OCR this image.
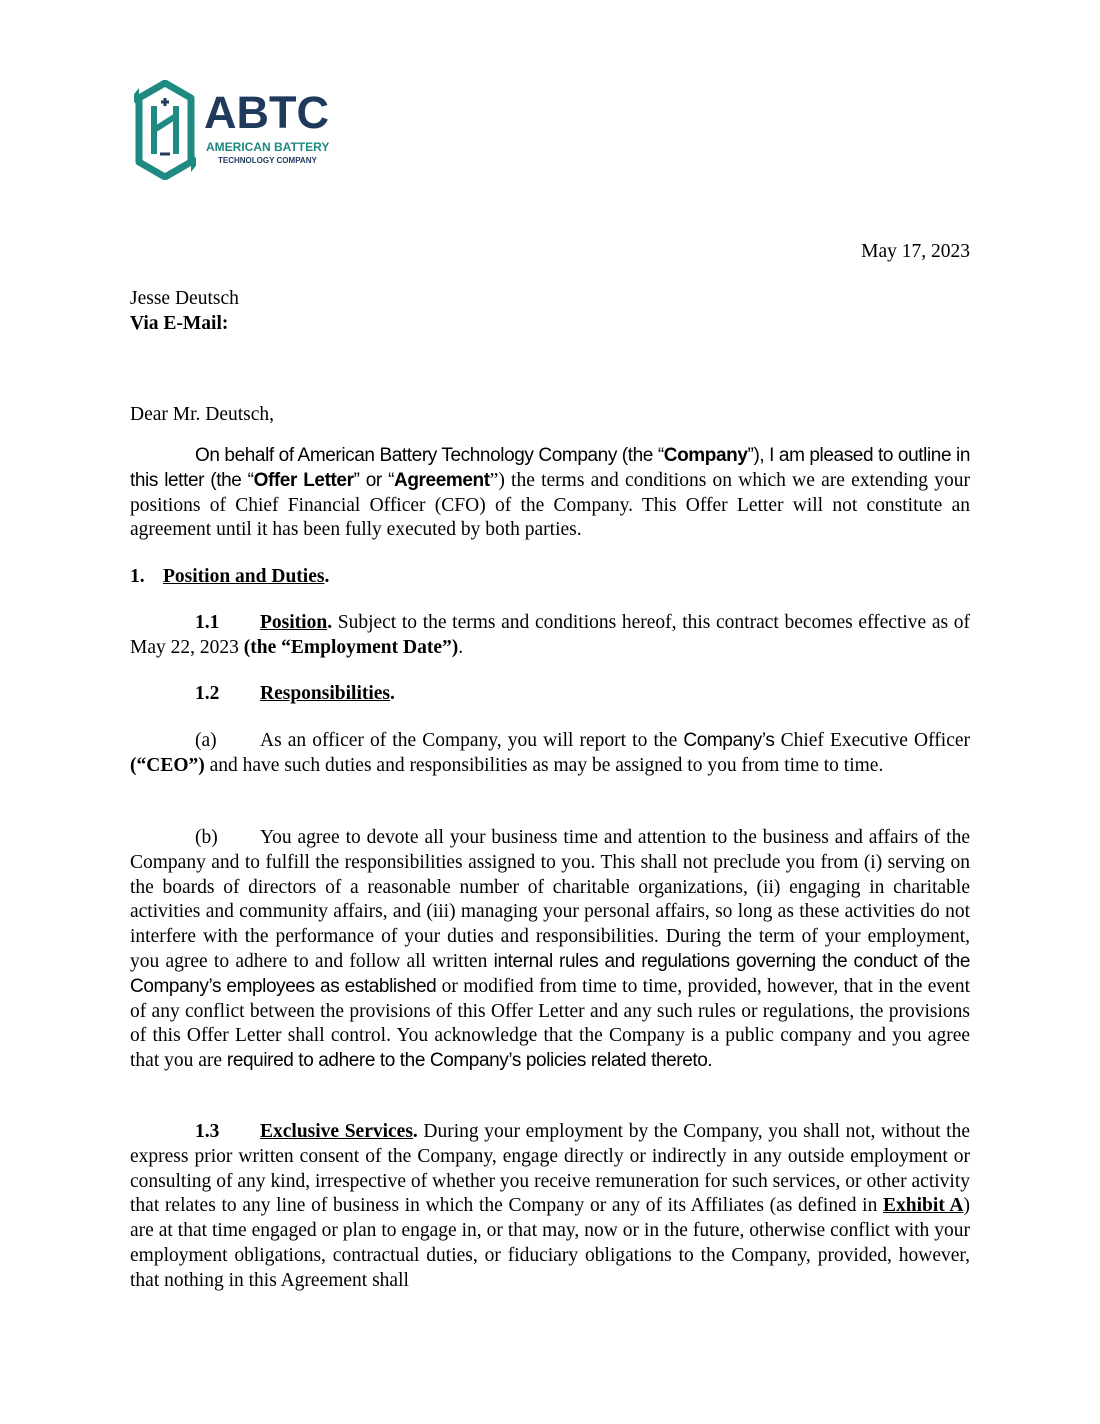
ABTC
AMERICAN BATTERY
TECHNOLOGY COMPANY
May 17, 2023
Jesse Deutsch
Via E-Mail:
Dear Mr. Deutsch,
On behalf of American Battery Technology Company (the “Company”), I am pleased to outline in this letter (the “Offer Letter” or “Agreement”) the terms and conditions on which we are extending your positions of Chief Financial Officer (CFO) of the Company. This Offer Letter will not constitute an agreement until it has been fully executed by both parties.
1. Position and Duties.
1.1 Position. Subject to the terms and conditions hereof, this contract becomes effective as of May 22, 2023 (the “Employment Date”).
1.2 Responsibilities.
(a) As an officer of the Company, you will report to the Company’s Chief Executive Officer (“CEO”) and have such duties and responsibilities as may be assigned to you from time to time.
(b) You agree to devote all your business time and attention to the business and affairs of the Company and to fulfill the responsibilities assigned to you. This shall not preclude you from (i) serving on the boards of directors of a reasonable number of charitable organizations, (ii) engaging in charitable activities and community affairs, and (iii) managing your personal affairs, so long as these activities do not interfere with the performance of your duties and responsibilities. During the term of your employment, you agree to adhere to and follow all written internal rules and regulations governing the conduct of the Company’s employees as established or modified from time to time, provided, however, that in the event of any conflict between the provisions of this Offer Letter and any such rules or regulations, the provisions of this Offer Letter shall control. You acknowledge that the Company is a public company and you agree that you are required to adhere to the Company’s policies related thereto.
1.3 Exclusive Services. During your employment by the Company, you shall not, without the express prior written consent of the Company, engage directly or indirectly in any outside employment or consulting of any kind, irrespective of whether you receive remuneration for such services, or other activity that relates to any line of business in which the Company or any of its Affiliates (as defined in Exhibit A) are at that time engaged or plan to engage in, or that may, now or in the future, otherwise conflict with your employment obligations, contractual duties, or fiduciary obligations to the Company, provided, however, that nothing in this Agreement shall
